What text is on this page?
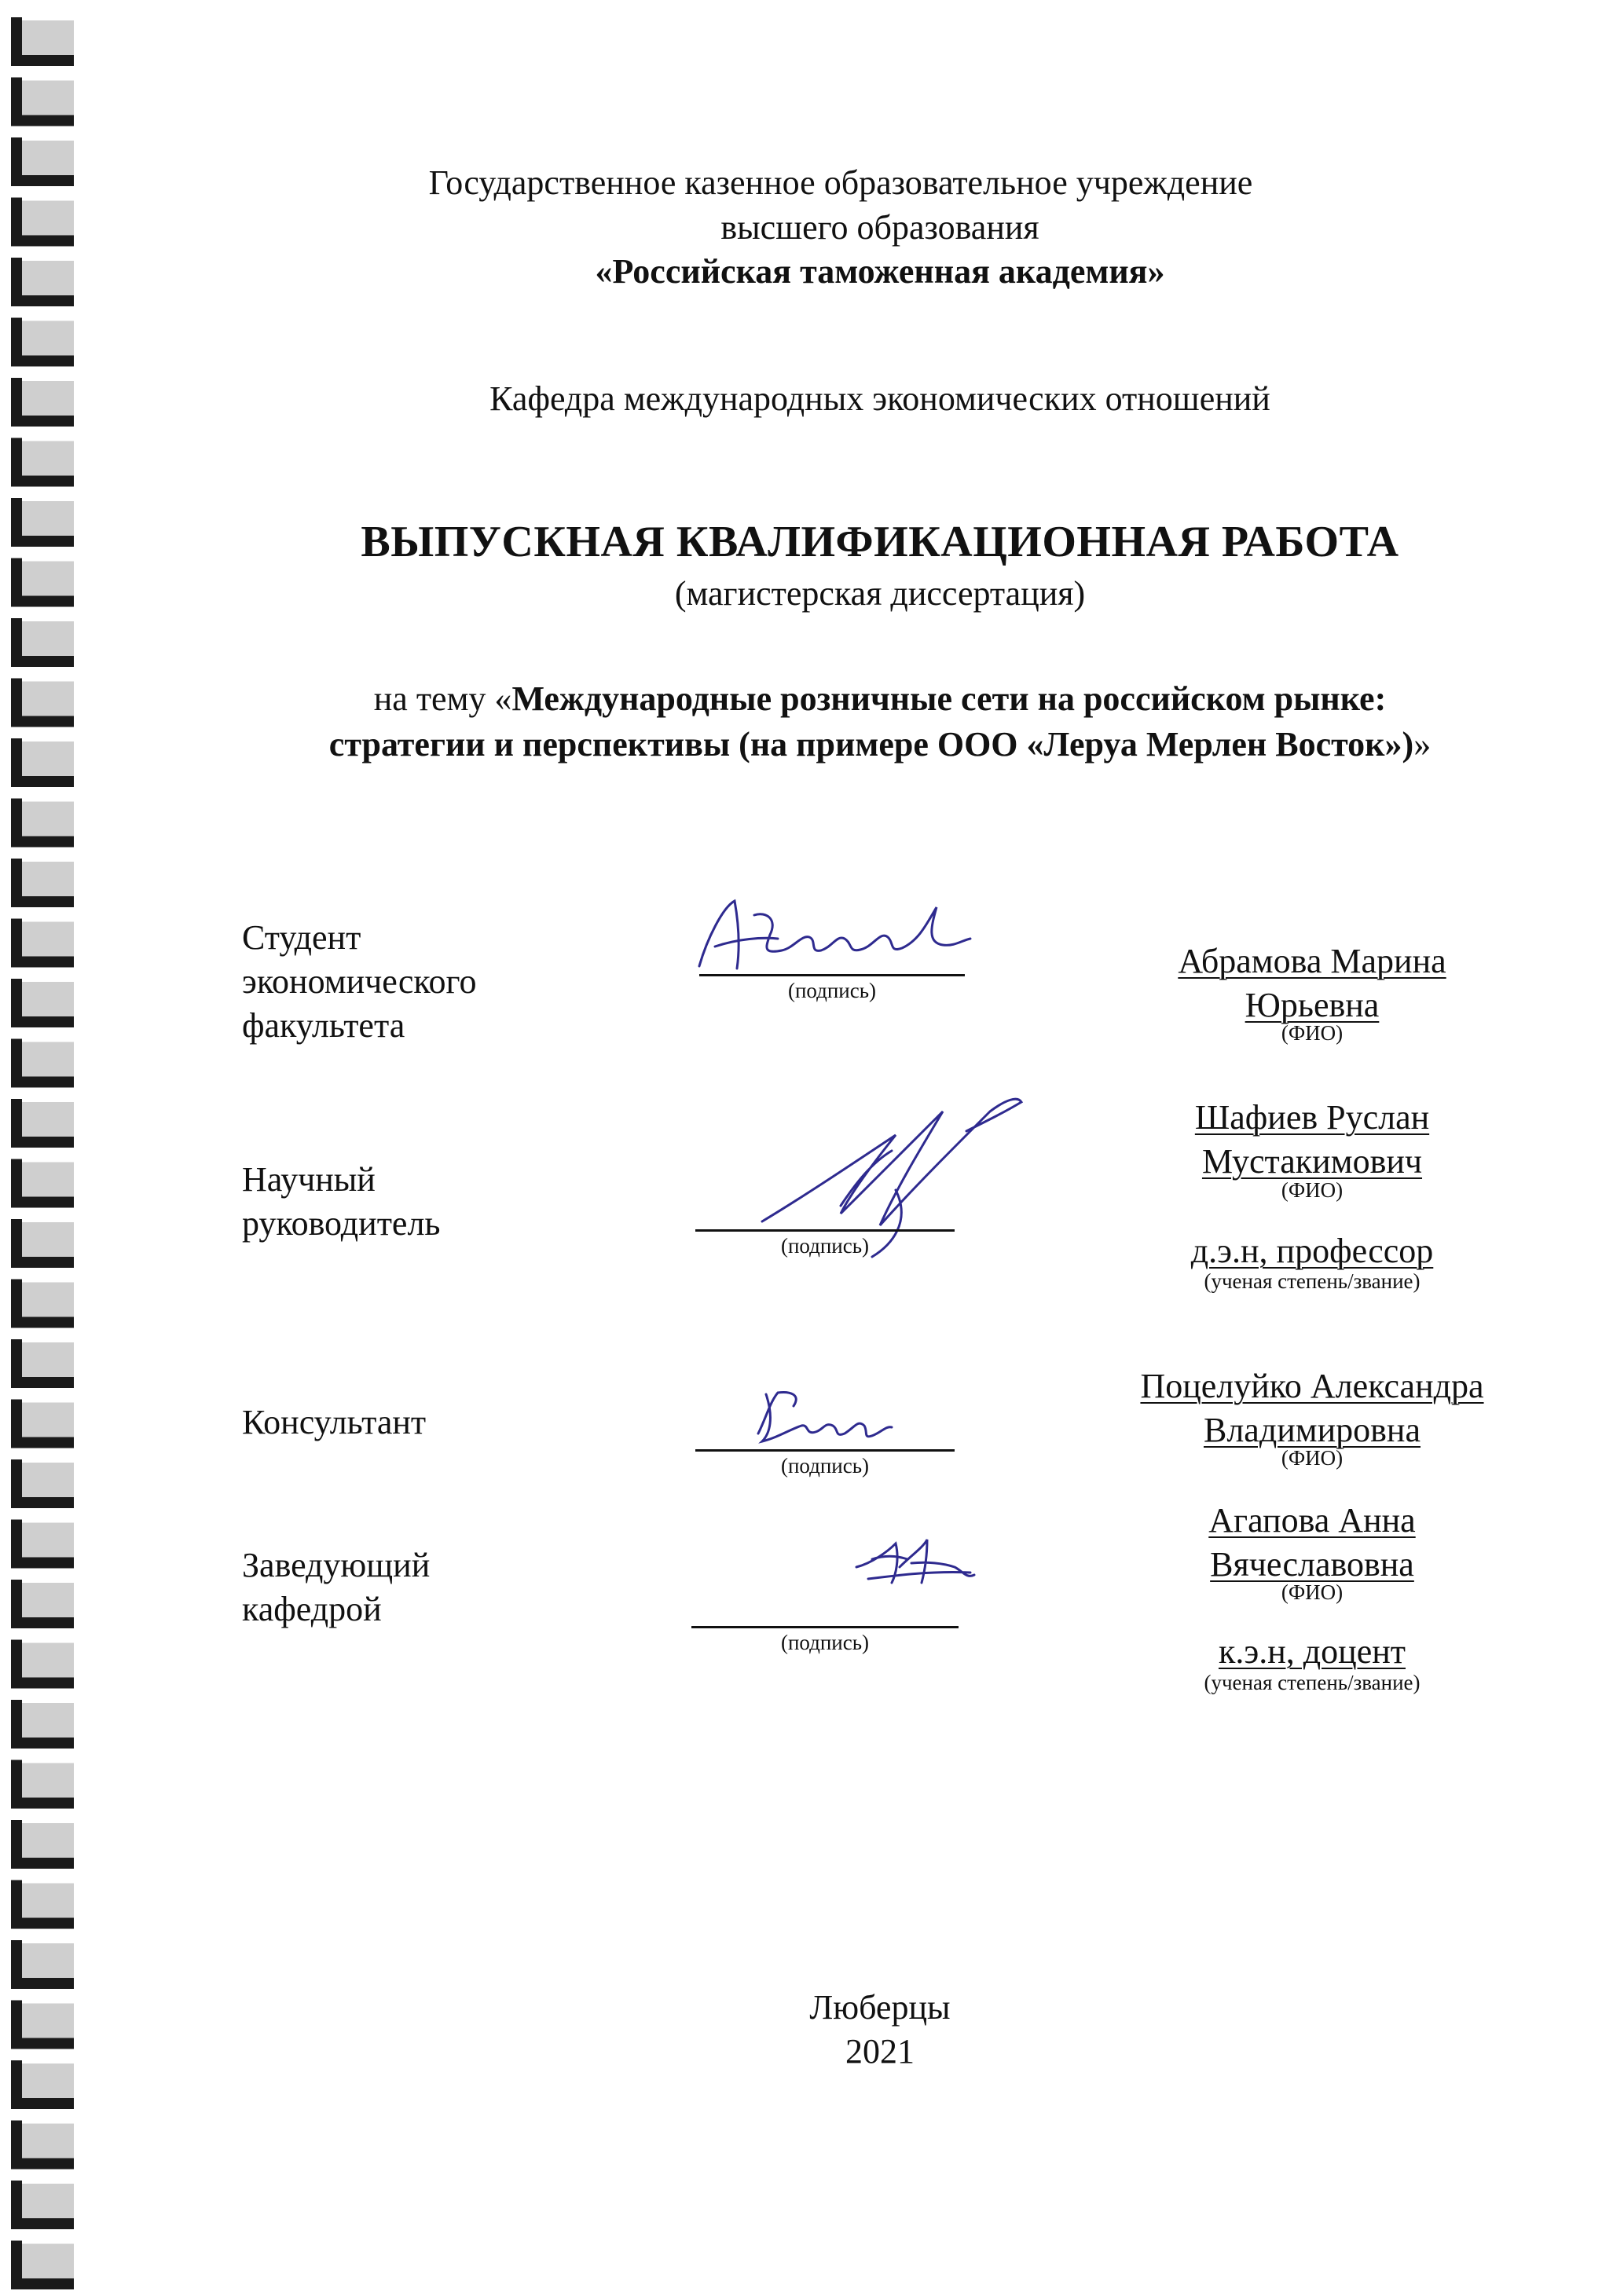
Государственное казенное образовательное учреждение
высшего образования
«Российская таможенная академия»
Кафедра международных экономических отношений
ВЫПУСКНАЯ КВАЛИФИКАЦИОННАЯ РАБОТА
(магистерская диссертация)
на тему «Международные розничные сети на российском рынке:
стратегии и перспективы (на примере ООО «Леруа Мерлен Восток»)»
Студент
экономического
факультета
(подпись)
Абрамова Марина
Юрьевна
(ФИО)
Научный
руководитель
(подпись)
Шафиев Руслан
Мустакимович
(ФИО)
д.э.н, профессор
(ученая степень/звание)
Консультант
(подпись)
Поцелуйко Александра
Владимировна
(ФИО)
Заведующий
кафедрой
(подпись)
Агапова Анна
Вячеславовна
(ФИО)
к.э.н, доцент
(ученая степень/звание)
Люберцы
2021
